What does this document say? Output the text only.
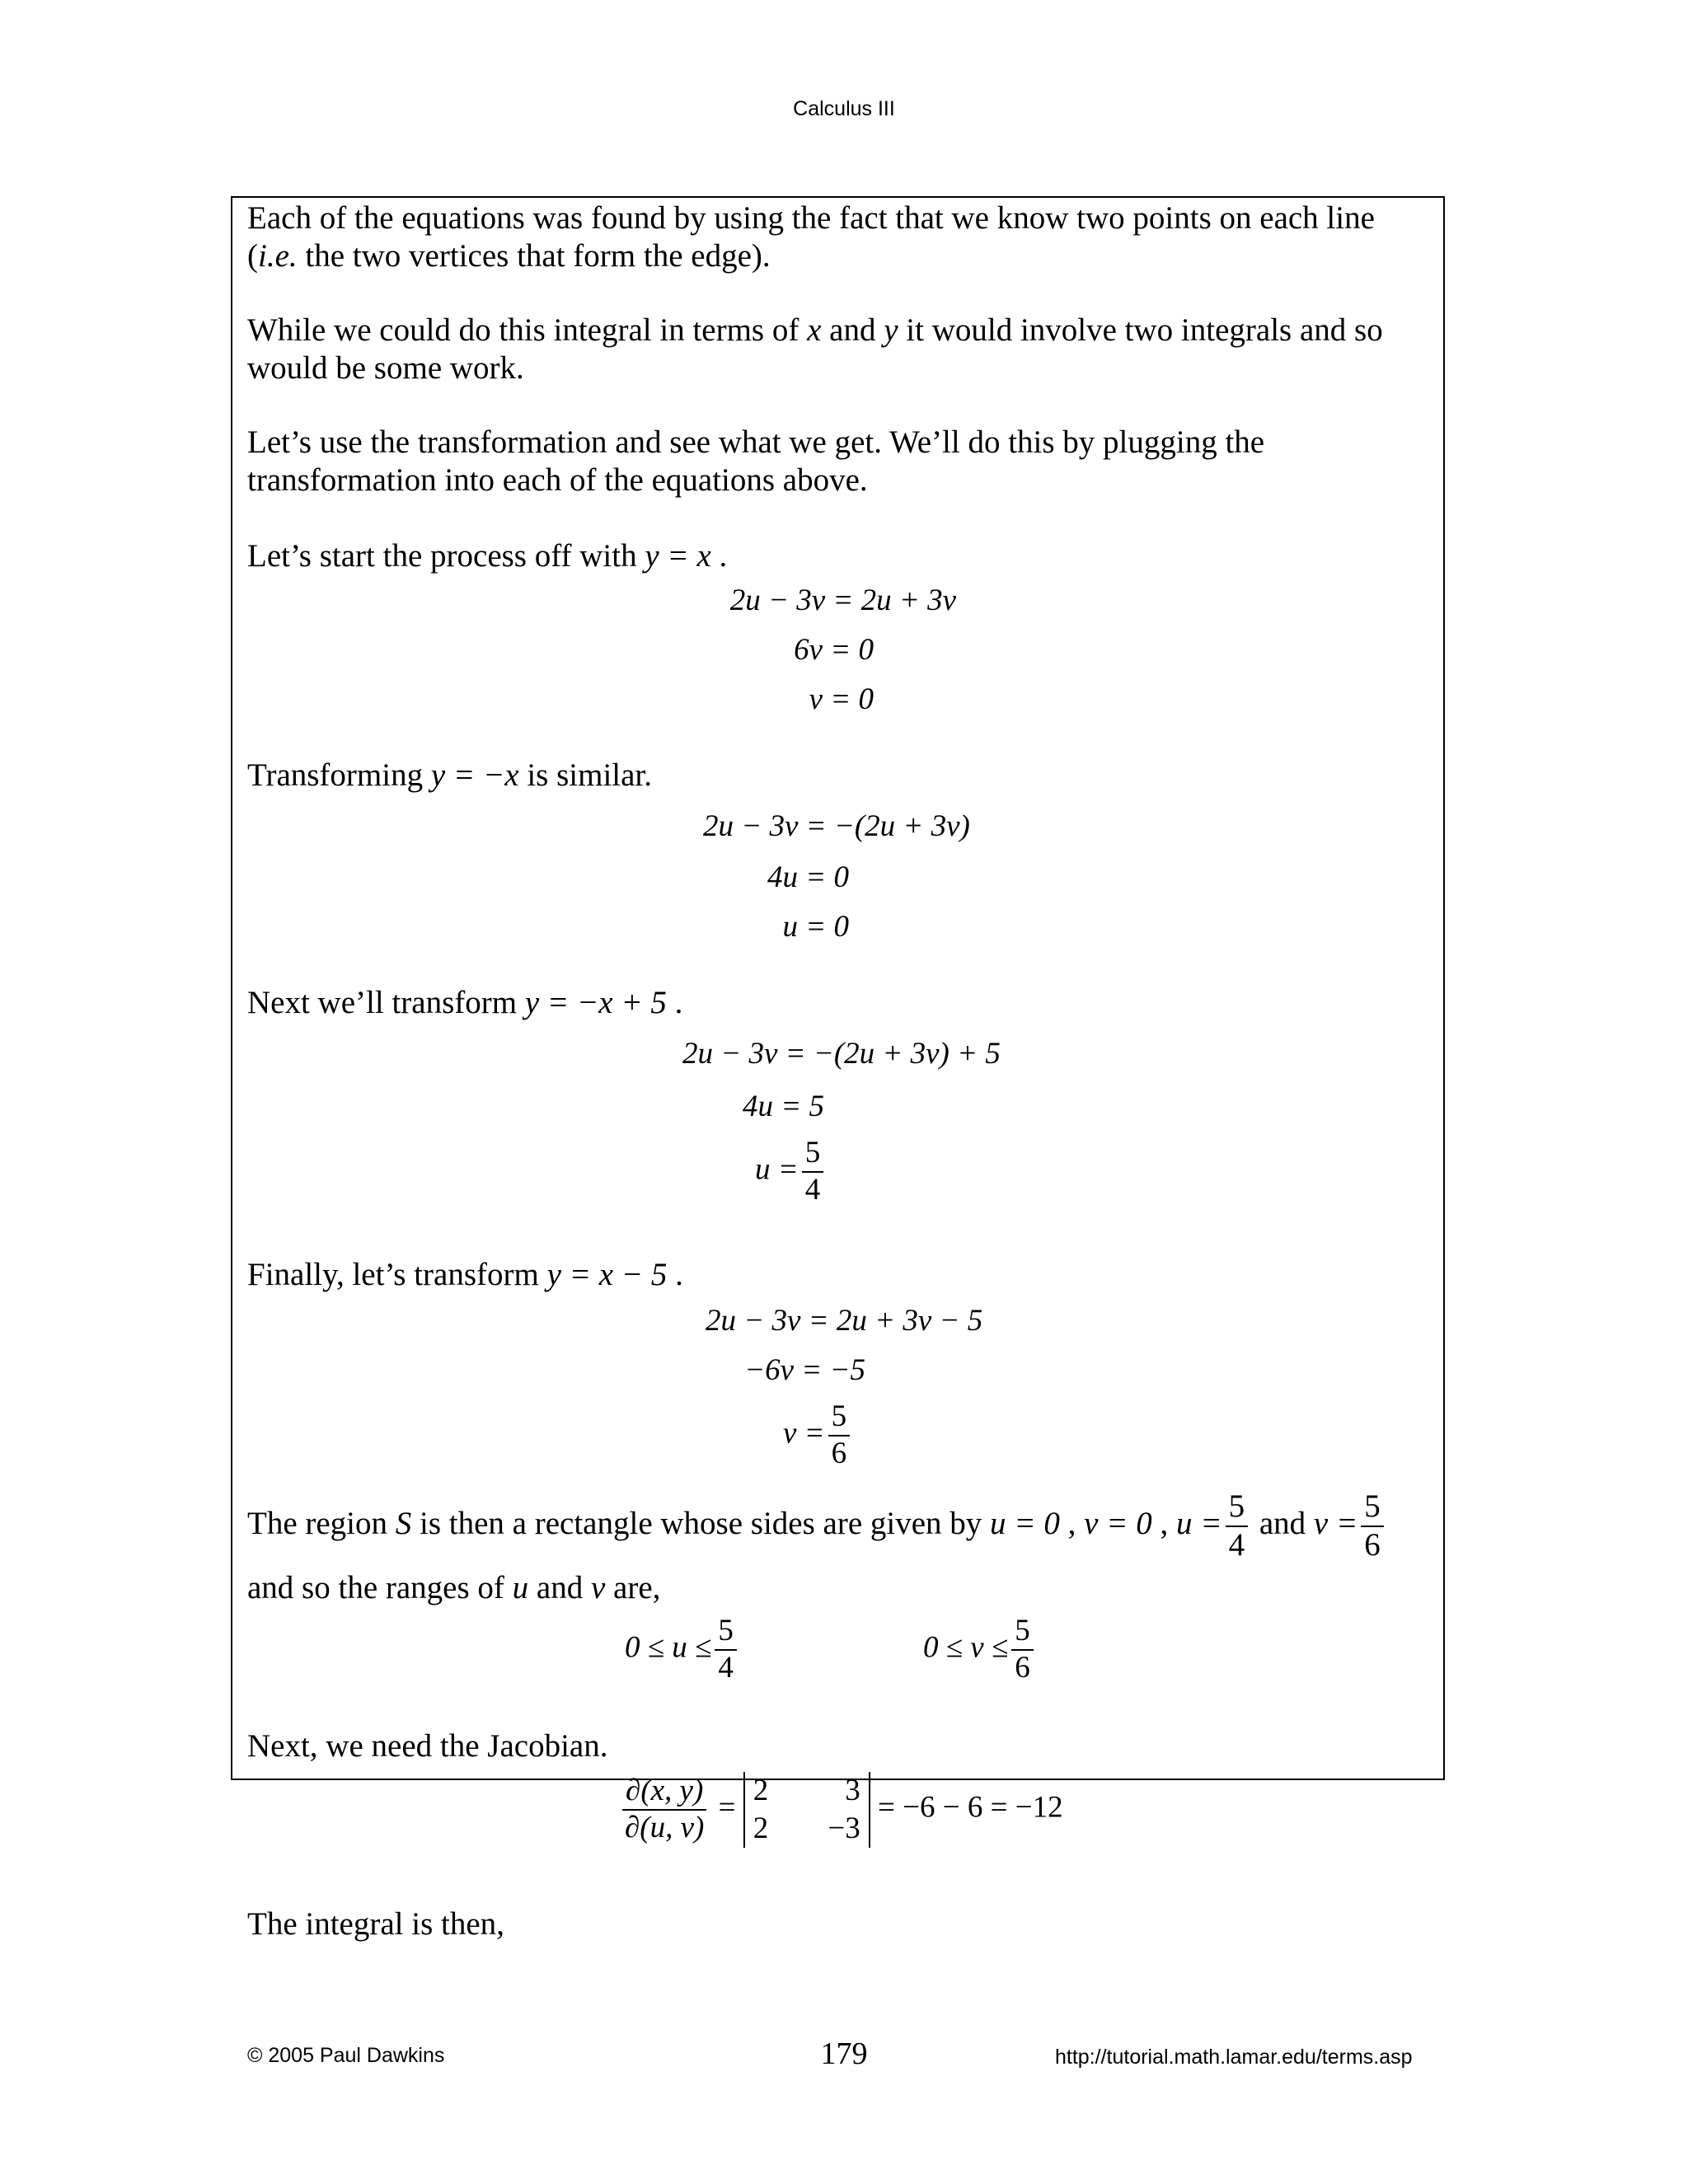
Calculus III
Each of the equations was found by using the fact that we know two points on each line
(i.e. the two vertices that form the edge).
While we could do this integral in terms of x and y it would involve two integrals and so
would be some work.
Let’s use the transformation and see what we get. We’ll do this by plugging the
transformation into each of the equations above.
Let’s start the process off with y = x .
2u − 3v = 2u + 3v
6v = 0
v = 0
Transforming y = −x is similar.
2u − 3v = −(2u + 3v)
4u = 0
u = 0
Next we’ll transform y = −x + 5 .
2u − 3v = −(2u + 3v) + 5
4u = 5
$u = \frac{5}{4}$
Finally, let’s transform y = x − 5 .
2u − 3v = 2u + 3v − 5
−6v = −5
$v = \frac{5}{6}$
The region S is then a rectangle whose sides are given by u = 0 , v = 0 , $u = \frac{5}{4}$ and $v = \frac{5}{6}$
and so the ranges of u and v are,
$0 \le u \le \frac{5}{4}$	$0 \le v \le \frac{5}{6}$
Next, we need the Jacobian.
$\frac{\partial(x, y)}{\partial(u, v)} = 2$	3
2	−3
= −6 − 6 = −12
The integral is then,
© 2005 Paul Dawkins	179	http://tutorial.math.lamar.edu/terms.asp
